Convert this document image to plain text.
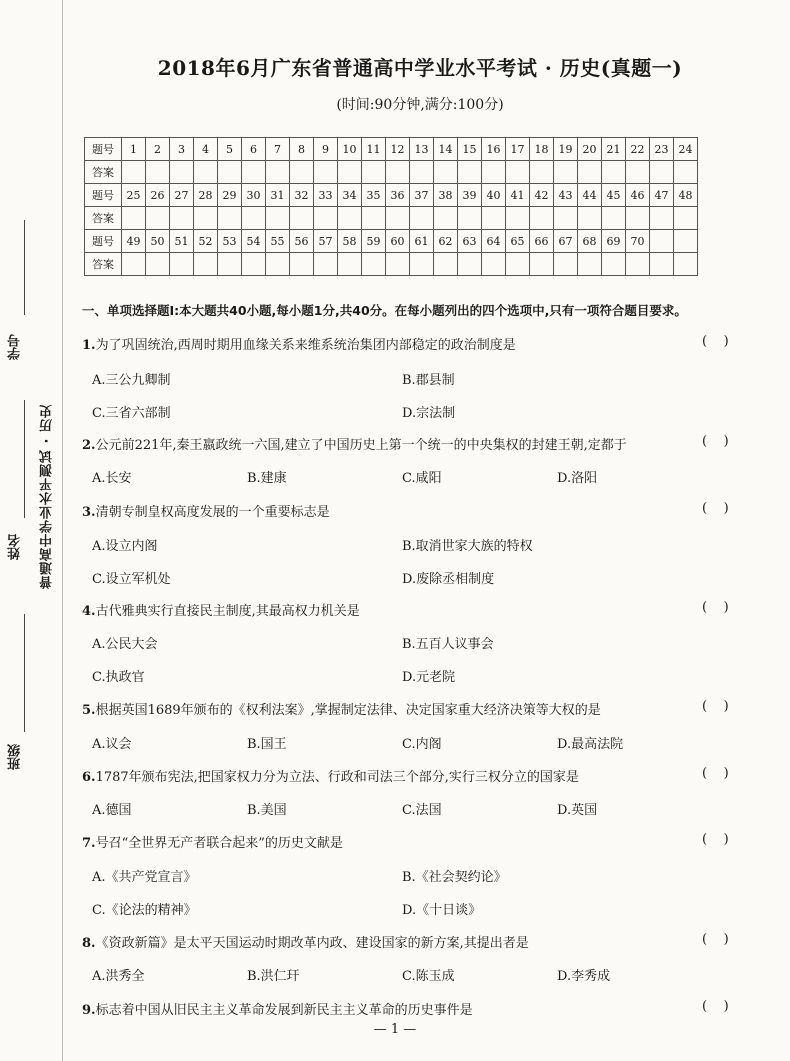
学号
姓名
班级
普通高中学业水平测试 · 历史
2018年6月广东省普通高中学业水平考试 · 历史(真题一)
(时间:90分钟,满分:100分)
题号	1	2	3	4	5	6	7	8	9	10	11	12	13	14	15	16	17	18	19	20	21	22	23	24
答案																								
题号	25	26	27	28	29	30	31	32	33	34	35	36	37	38	39	40	41	42	43	44	45	46	47	48
答案																								
题号	49	50	51	52	53	54	55	56	57	58	59	60	61	62	63	64	65	66	67	68	69	70		
答案																								
一、单项选择题Ⅰ:本大题共40小题,每小题1分,共40分。在每小题列出的四个选项中,只有一项符合题目要求。
1.为了巩固统治,西周时期用血缘关系来维系统治集团内部稳定的政治制度是	(    )
A.三公九卿制	B.郡县制
C.三省六部制	D.宗法制
2.公元前221年,秦王嬴政统一六国,建立了中国历史上第一个统一的中央集权的封建王朝,定都于	(    )
A.长安	B.建康	C.咸阳	D.洛阳
3.清朝专制皇权高度发展的一个重要标志是	(    )
A.设立内阁	B.取消世家大族的特权
C.设立军机处	D.废除丞相制度
4.古代雅典实行直接民主制度,其最高权力机关是	(    )
A.公民大会	B.五百人议事会
C.执政官	D.元老院
5.根据英国1689年颁布的《权利法案》,掌握制定法律、决定国家重大经济决策等大权的是	(    )
A.议会	B.国王	C.内阁	D.最高法院
6.1787年颁布宪法,把国家权力分为立法、行政和司法三个部分,实行三权分立的国家是	(    )
A.德国	B.美国	C.法国	D.英国
7.号召“全世界无产者联合起来”的历史文献是	(    )
A.《共产党宣言》	B.《社会契约论》
C.《论法的精神》	D.《十日谈》
8.《资政新篇》是太平天国运动时期改革内政、建设国家的新方案,其提出者是	(    )
A.洪秀全	B.洪仁玕	C.陈玉成	D.李秀成
9.标志着中国从旧民主主义革命发展到新民主主义革命的历史事件是	(    )
— 1 —
